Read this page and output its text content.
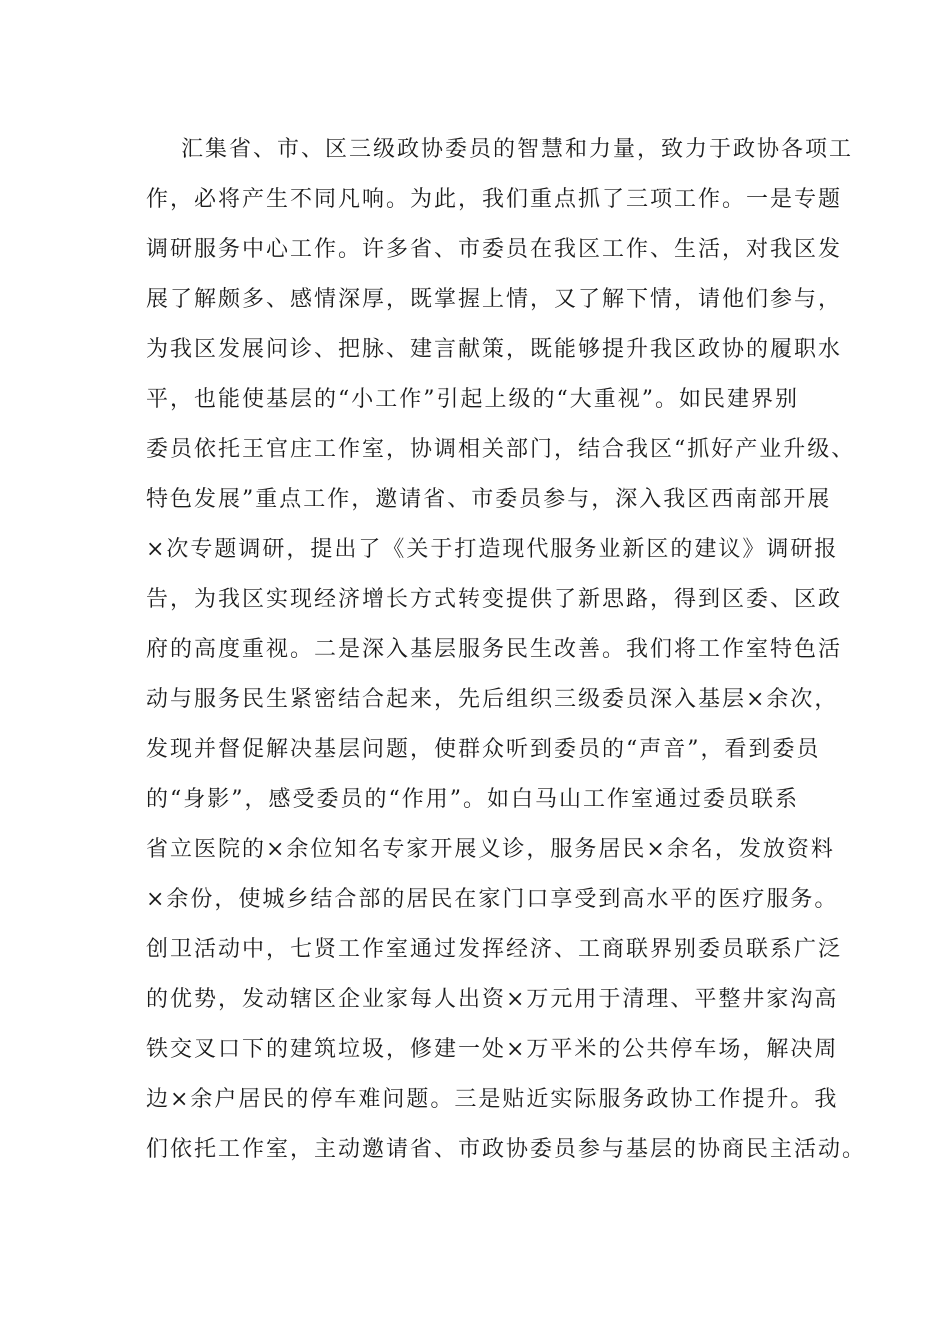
汇集省、市、区三级政协委员的智慧和力量，致力于政协各项工
作，必将产生不同凡响。为此，我们重点抓了三项工作。一是专题
调研服务中心工作。许多省、市委员在我区工作、生活，对我区发
展了解颇多、感情深厚，既掌握上情，又了解下情，请他们参与，
为我区发展问诊、把脉、建言献策，既能够提升我区政协的履职水
平，也能使基层的“小工作”引起上级的“大重视”。如民建界别
委员依托王官庄工作室，协调相关部门，结合我区“抓好产业升级、
特色发展”重点工作，邀请省、市委员参与，深入我区西南部开展
×次专题调研，提出了《关于打造现代服务业新区的建议》调研报
告，为我区实现经济增长方式转变提供了新思路，得到区委、区政
府的高度重视。二是深入基层服务民生改善。我们将工作室特色活
动与服务民生紧密结合起来，先后组织三级委员深入基层×余次，
发现并督促解决基层问题，使群众听到委员的“声音”，看到委员
的“身影”，感受委员的“作用”。如白马山工作室通过委员联系
省立医院的×余位知名专家开展义诊，服务居民×余名，发放资料
×余份，使城乡结合部的居民在家门口享受到高水平的医疗服务。
创卫活动中，七贤工作室通过发挥经济、工商联界别委员联系广泛
的优势，发动辖区企业家每人出资×万元用于清理、平整井家沟高
铁交叉口下的建筑垃圾，修建一处×万平米的公共停车场，解决周
边×余户居民的停车难问题。三是贴近实际服务政协工作提升。我
们依托工作室，主动邀请省、市政协委员参与基层的协商民主活动。
